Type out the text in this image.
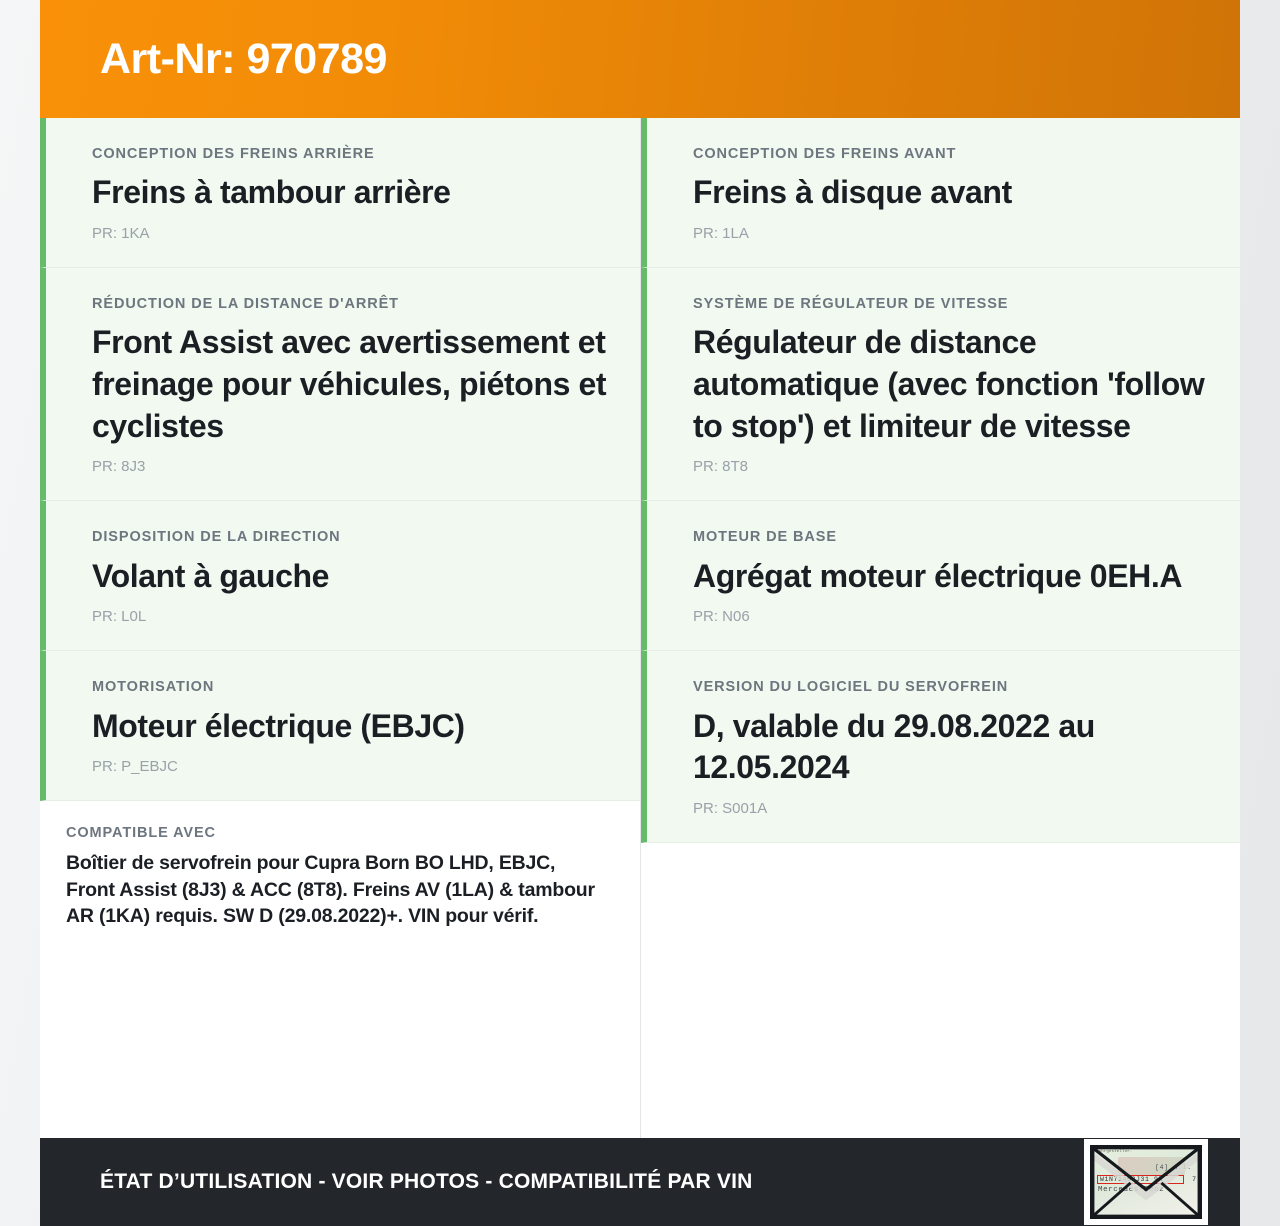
Art-Nr: 970789
CONCEPTION DES FREINS ARRIÈRE
Freins à tambour arrière
PR: 1KA
RÉDUCTION DE LA DISTANCE D'ARRÊT
Front Assist avec avertissement et freinage pour véhicules, piétons et cyclistes
PR: 8J3
DISPOSITION DE LA DIRECTION
Volant à gauche
PR: L0L
MOTORISATION
Moteur électrique (EBJC)
PR: P_EBJC
COMPATIBLE AVEC
Boîtier de servofrein pour Cupra Born BO LHD, EBJC, Front Assist (8J3) & ACC (8T8). Freins AV (1LA) & tambour AR (1KA) requis. SW D (29.08.2022)+. VIN pour vérif.
CONCEPTION DES FREINS AVANT
Freins à disque avant
PR: 1LA
SYSTÈME DE RÉGULATEUR DE VITESSE
Régulateur de distance automatique (avec fonction 'follow to stop') et limiteur de vitesse
PR: 8T8
MOTEUR DE BASE
Agrégat moteur électrique 0EH.A
PR: N06
VERSION DU LOGICIEL DU SERVOFREIN
D, valable du 29.08.2022 au 12.05.2024
PR: S001A
ÉTAT D’UTILISATION - VOIR PHOTOS - COMPATIBILITÉ PAR VIN
Fahrgestellnr.
[4] A.I.
W1N71463J31 9R	7
Mercedes-Benz
